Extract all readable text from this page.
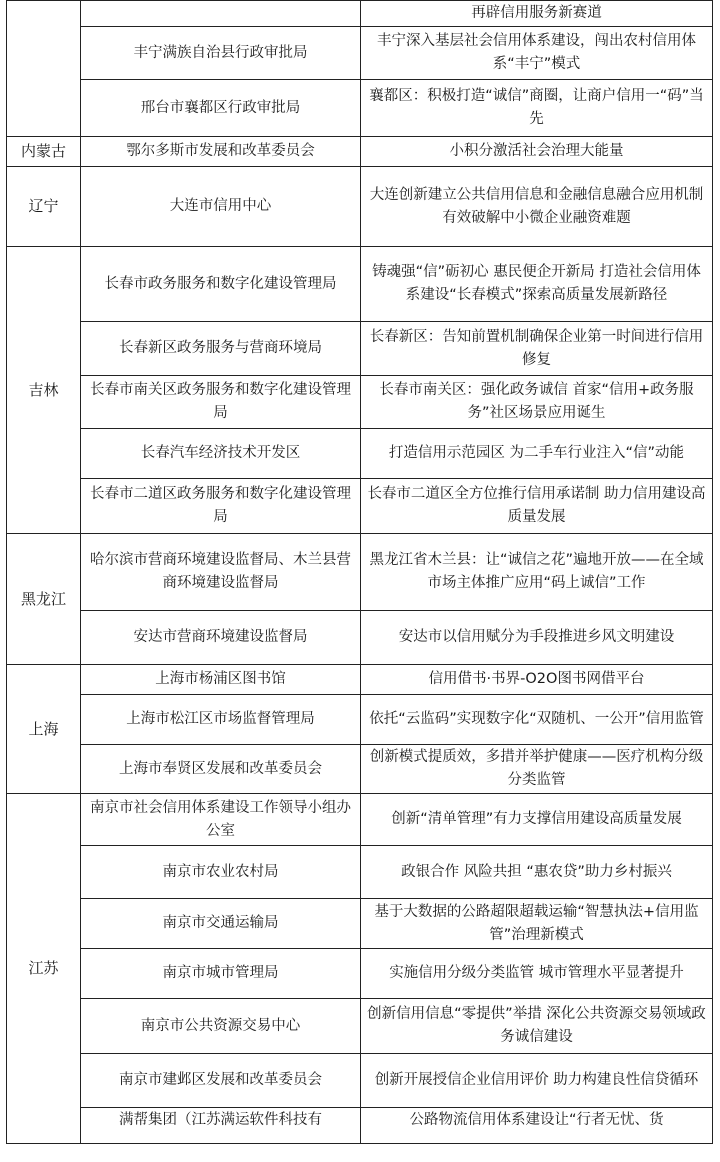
		再辟信用服务新赛道
	丰宁满族自治县行政审批局	丰宁深入基层社会信用体系建设，闯出农村信用体系“丰宁”模式
	邢台市襄都区行政审批局	襄都区：积极打造“诚信”商圈，让商户信用一“码”当先
内蒙古	鄂尔多斯市发展和改革委员会	小积分激活社会治理大能量
辽宁	大连市信用中心	大连创新建立公共信用信息和金融信息融合应用机制 有效破解中小微企业融资难题
吉林	长春市政务服务和数字化建设管理局	铸魂强“信”砺初心 惠民便企开新局 打造社会信用体系建设“长春模式”探索高质量发展新路径
	长春新区政务服务与营商环境局	长春新区：告知前置机制确保企业第一时间进行信用修复
	长春市南关区政务服务和数字化建设管理局	长春市南关区：强化政务诚信 首家“信用+政务服务”社区场景应用诞生
	长春汽车经济技术开发区	打造信用示范园区 为二手车行业注入“信”动能
	长春市二道区政务服务和数字化建设管理局	长春市二道区全方位推行信用承诺制 助力信用建设高质量发展
黑龙江	哈尔滨市营商环境建设监督局、木兰县营商环境建设监督局	黑龙江省木兰县：让“诚信之花”遍地开放——在全域市场主体推广应用“码上诚信”工作
	安达市营商环境建设监督局	安达市以信用赋分为手段推进乡风文明建设
上海	上海市杨浦区图书馆	信用借书·书界-O2O图书网借平台
	上海市松江区市场监督管理局	依托“云监码”实现数字化“双随机、一公开”信用监管
	上海市奉贤区发展和改革委员会	创新模式提质效，多措并举护健康——医疗机构分级分类监管
江苏	南京市社会信用体系建设工作领导小组办公室	创新“清单管理”有力支撑信用建设高质量发展
	南京市农业农村局	政银合作 风险共担 “惠农贷”助力乡村振兴
	南京市交通运输局	基于大数据的公路超限超载运输“智慧执法+信用监管”治理新模式
	南京市城市管理局	实施信用分级分类监管 城市管理水平显著提升
	南京市公共资源交易中心	创新信用信息“零提供”举措 深化公共资源交易领域政务诚信建设
	南京市建邺区发展和改革委员会	创新开展授信企业信用评价 助力构建良性信贷循环
	满帮集团（江苏满运软件科技有	公路物流信用体系建设让“行者无忧、货
